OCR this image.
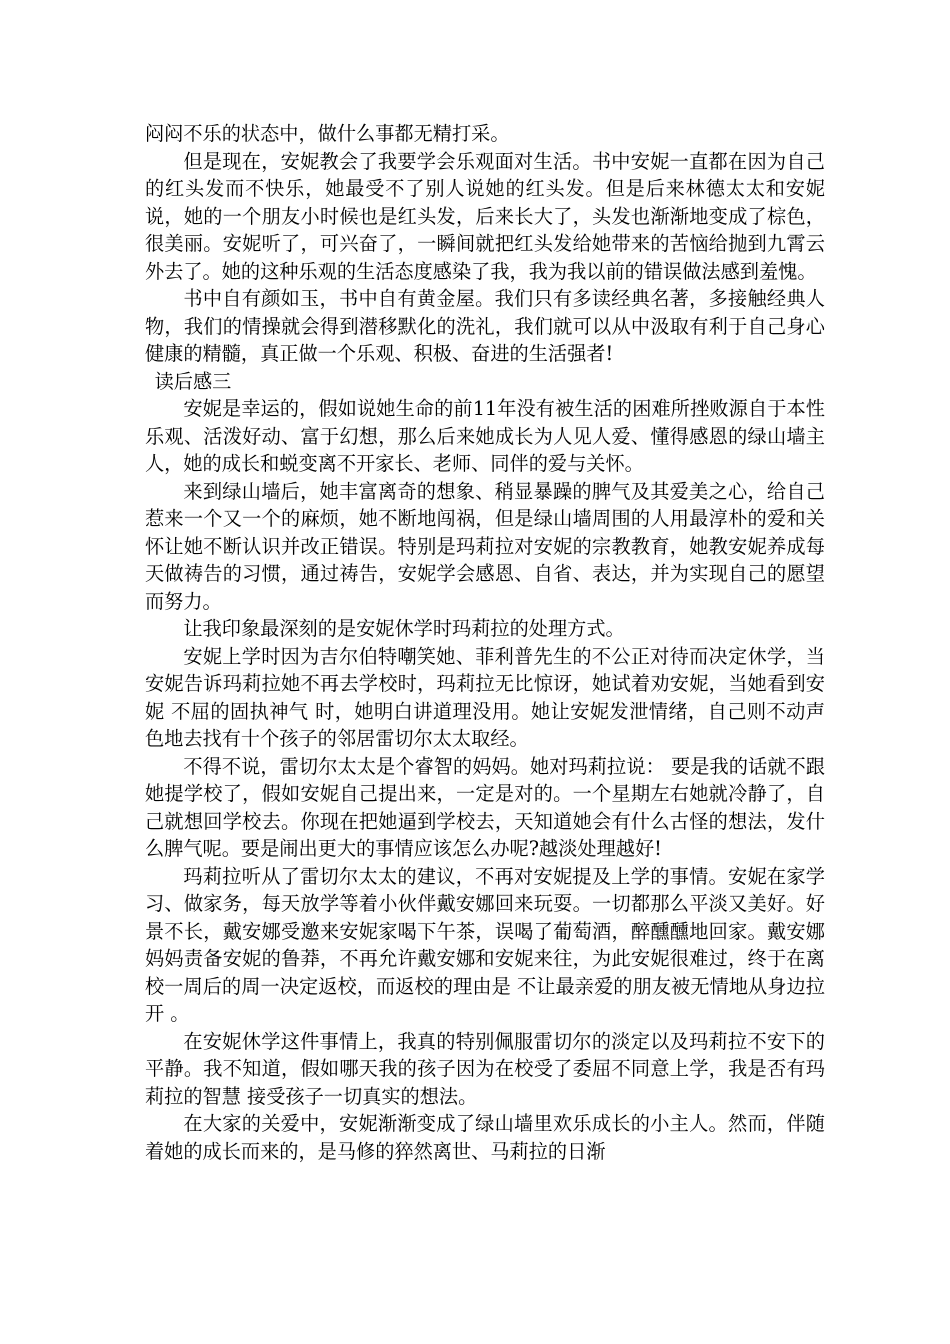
闷闷不乐的状态中，做什么事都无精打采。

但是现在，安妮教会了我要学会乐观面对生活。书中安妮一直都在因为自己的红头发而不快乐，她最受不了别人说她的红头发。但是后来林德太太和安妮说，她的一个朋友小时候也是红头发，后来长大了，头发也渐渐地变成了棕色，很美丽。安妮听了，可兴奋了，一瞬间就把红头发给她带来的苦恼给抛到九霄云外去了。她的这种乐观的生活态度感染了我，我为我以前的错误做法感到羞愧。

书中自有颜如玉，书中自有黄金屋。我们只有多读经典名著，多接触经典人物，我们的情操就会得到潜移默化的洗礼，我们就可以从中汲取有利于自己身心健康的精髓，真正做一个乐观、积极、奋进的生活强者!

读后感三

安妮是幸运的，假如说她生命的前11年没有被生活的困难所挫败源自于本性乐观、活泼好动、富于幻想，那么后来她成长为人见人爱、懂得感恩的绿山墙主人，她的成长和蜕变离不开家长、老师、同伴的爱与关怀。

来到绿山墙后，她丰富离奇的想象、稍显暴躁的脾气及其爱美之心，给自己惹来一个又一个的麻烦，她不断地闯祸，但是绿山墙周围的人用最淳朴的爱和关怀让她不断认识并改正错误。特别是玛莉拉对安妮的宗教教育，她教安妮养成每天做祷告的习惯，通过祷告，安妮学会感恩、自省、表达，并为实现自己的愿望而努力。

让我印象最深刻的是安妮休学时玛莉拉的处理方式。

安妮上学时因为吉尔伯特嘲笑她、菲利普先生的不公正对待而决定休学，当安妮告诉玛莉拉她不再去学校时，玛莉拉无比惊讶，她试着劝安妮，当她看到安妮 不屈的固执神气 时，她明白讲道理没用。她让安妮发泄情绪，自己则不动声色地去找有十个孩子的邻居雷切尔太太取经。

不得不说，雷切尔太太是个睿智的妈妈。她对玛莉拉说： 要是我的话就不跟她提学校了，假如安妮自己提出来，一定是对的。一个星期左右她就冷静了，自己就想回学校去。你现在把她逼到学校去，天知道她会有什么古怪的想法，发什么脾气呢。要是闹出更大的事情应该怎么办呢?越淡处理越好!

玛莉拉听从了雷切尔太太的建议，不再对安妮提及上学的事情。安妮在家学习、做家务，每天放学等着小伙伴戴安娜回来玩耍。一切都那么平淡又美好。好景不长，戴安娜受邀来安妮家喝下午茶，误喝了葡萄酒，醉醺醺地回家。戴安娜妈妈责备安妮的鲁莽，不再允许戴安娜和安妮来往，为此安妮很难过，终于在离校一周后的周一决定返校，而返校的理由是 不让最亲爱的朋友被无情地从身边拉开 。

在安妮休学这件事情上，我真的特别佩服雷切尔的淡定以及玛莉拉不安下的平静。我不知道，假如哪天我的孩子因为在校受了委屈不同意上学，我是否有玛莉拉的智慧 接受孩子一切真实的想法。

在大家的关爱中，安妮渐渐变成了绿山墙里欢乐成长的小主人。然而，伴随着她的成长而来的，是马修的猝然离世、马莉拉的日渐
